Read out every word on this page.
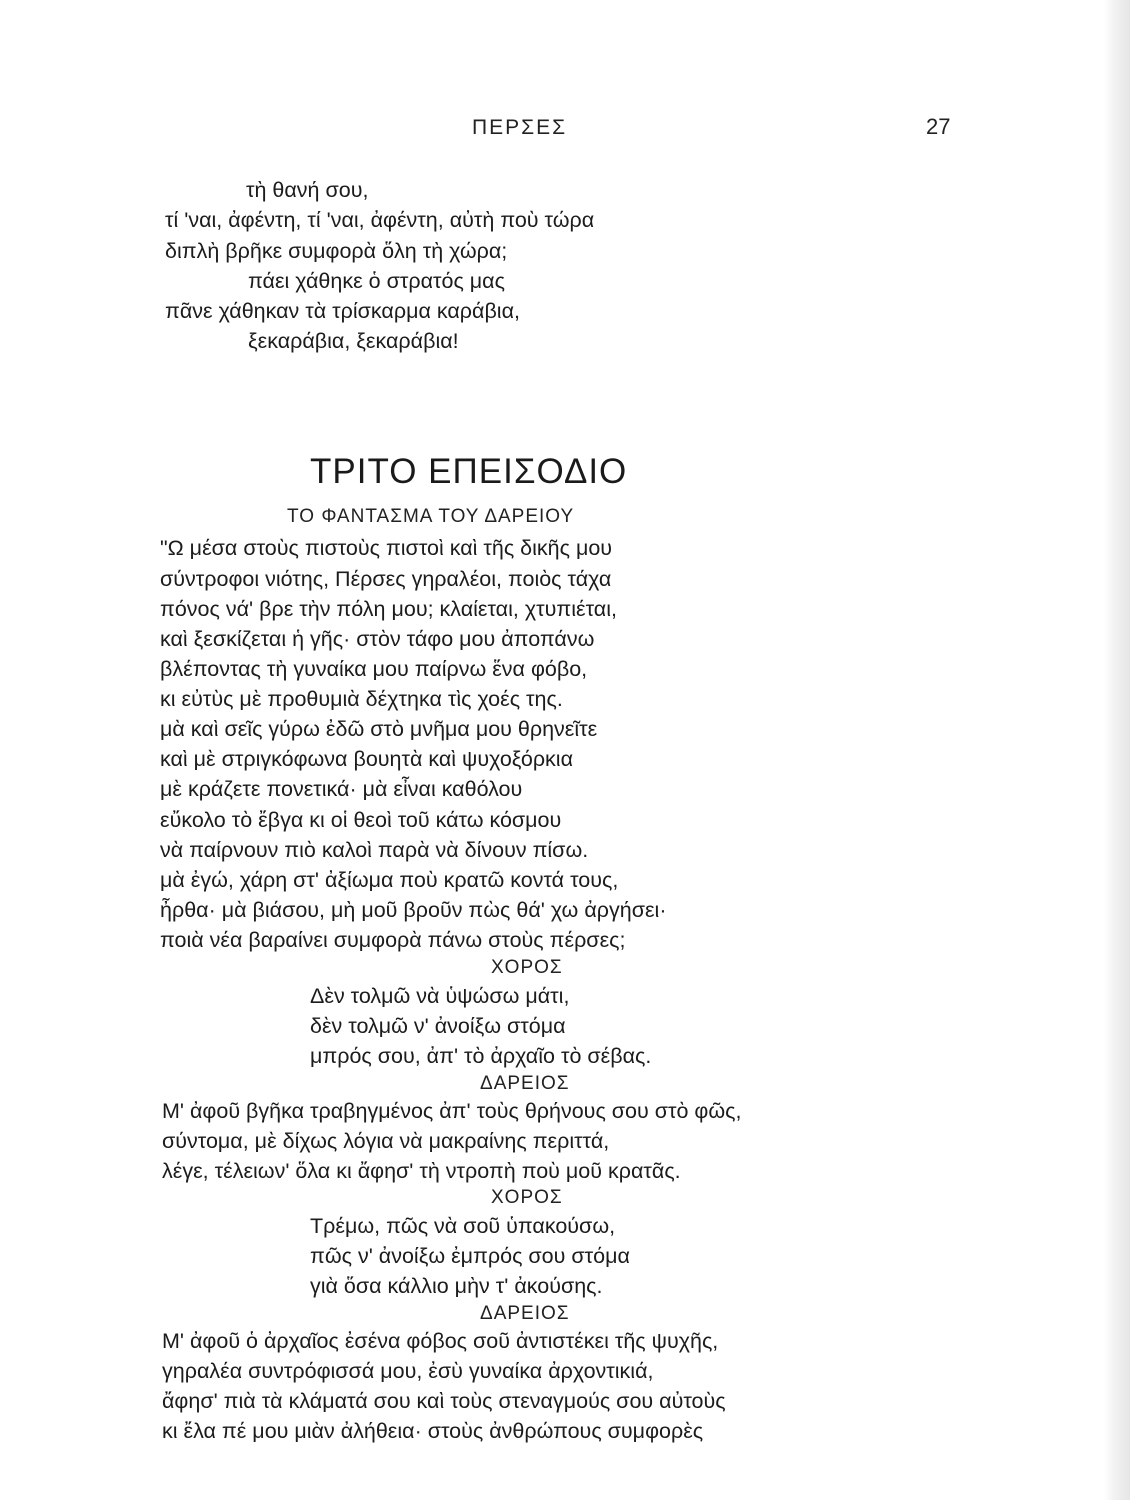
ΠΕΡΣΕΣ	27
τὴ θανή σου,
τί 'ναι, ἀφέντη, τί 'ναι, ἀφέντη, αὐτὴ ποὺ τώρα
διπλὴ βρῆκε συμφορὰ ὅλη τὴ χώρα;
πάει χάθηκε ὁ στρατός μας
πᾶνε χάθηκαν τὰ τρίσκαρμα καράβια,
ξεκαράβια, ξεκαράβια!
ΤΡΙΤΟ ΕΠΕΙΣΟΔΙΟ
ΤΟ ΦΑΝΤΑΣΜΑ ΤΟΥ ΔΑΡΕΙΟΥ
"Ω μέσα στοὺς πιστοὺς πιστοὶ καὶ τῆς δικῆς μου
σύντροφοι νιότης, Πέρσες γηραλέοι, ποιὸς τάχα
πόνος νά' βρε τὴν πόλη μου; κλαίεται, χτυπιέται,
καὶ ξεσκίζεται ἡ γῆς· στὸν τάφο μου ἀποπάνω
βλέποντας τὴ γυναίκα μου παίρνω ἕνα φόβο,
κι εὐτὺς μὲ προθυμιὰ δέχτηκα τὶς χοές της.
μὰ καὶ σεῖς γύρω ἐδῶ στὸ μνῆμα μου θρηνεῖτε
καὶ μὲ στριγκόφωνα βουητὰ καὶ ψυχοξόρκια
μὲ κράζετε πονετικά· μὰ εἶναι καθόλου
εὔκολο τὸ ἔβγα κι οἱ θεοὶ τοῦ κάτω κόσμου
νὰ παίρνουν πιὸ καλοὶ παρὰ νὰ δίνουν πίσω.
μὰ ἐγώ, χάρη στ' ἀξίωμα ποὺ κρατῶ κοντά τους,
ἦρθα· μὰ βιάσου, μὴ μοῦ βροῦν πὼς θά' χω ἀργήσει·
ποιὰ νέα βαραίνει συμφορὰ πάνω στοὺς πέρσες;
ΧΟΡΟΣ
Δὲν τολμῶ νὰ ὑψώσω μάτι,
δὲν τολμῶ ν' ἀνοίξω στόμα
μπρός σου, ἀπ' τὸ ἀρχαῖο τὸ σέβας.
ΔΑΡΕΙΟΣ
Μ' ἀφοῦ βγῆκα τραβηγμένος ἀπ' τοὺς θρήνους σου στὸ φῶς,
σύντομα, μὲ δίχως λόγια νὰ μακραίνης περιττά,
λέγε, τέλειων' ὅλα κι ἄφησ' τὴ ντροπὴ ποὺ μοῦ κρατᾶς.
ΧΟΡΟΣ
Τρέμω, πῶς νὰ σοῦ ὑπακούσω,
πῶς ν' ἀνοίξω ἐμπρός σου στόμα
γιὰ ὅσα κάλλιο μὴν τ' ἀκούσης.
ΔΑΡΕΙΟΣ
Μ' ἀφοῦ ὁ ἀρχαῖος ἐσένα φόβος σοῦ ἀντιστέκει τῆς ψυχῆς,
γηραλέα συντρόφισσά μου, ἐσὺ γυναίκα ἀρχοντικιά,
ἄφησ' πιὰ τὰ κλάματά σου καὶ τοὺς στεναγμούς σου αὐτοὺς
κι ἔλα πέ μου μιὰν ἀλήθεια· στοὺς ἀνθρώπους συμφορὲς
